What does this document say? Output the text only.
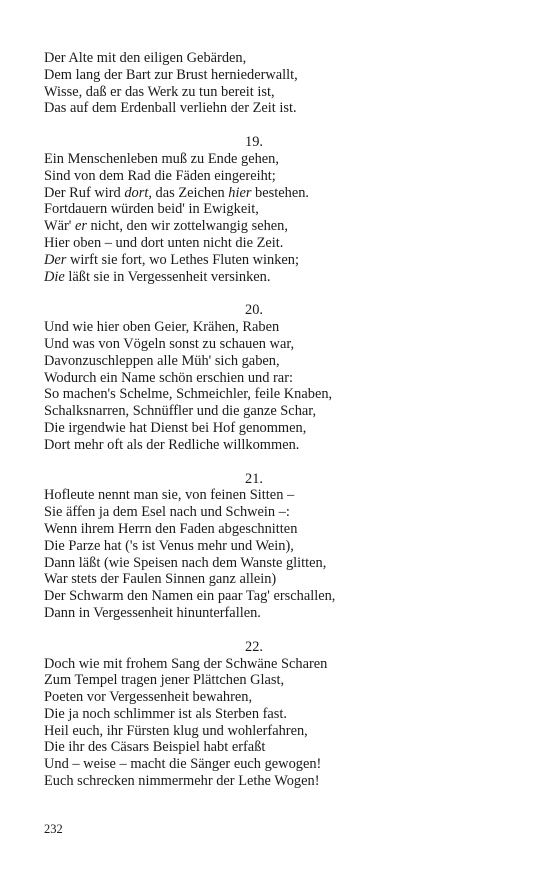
Der Alte mit den eiligen Gebärden,
Dem lang der Bart zur Brust herniederwallt,
Wisse, daß er das Werk zu tun bereit ist,
Das auf dem Erdenball verliehn der Zeit ist.
19.
Ein Menschenleben muß zu Ende gehen,
Sind von dem Rad die Fäden eingereiht;
Der Ruf wird dort, das Zeichen hier bestehen.
Fortdauern würden beid' in Ewigkeit,
Wär' er nicht, den wir zottelwangig sehen,
Hier oben – und dort unten nicht die Zeit.
Der wirft sie fort, wo Lethes Fluten winken;
Die läßt sie in Vergessenheit versinken.
20.
Und wie hier oben Geier, Krähen, Raben
Und was von Vögeln sonst zu schauen war,
Davonzuschleppen alle Müh' sich gaben,
Wodurch ein Name schön erschien und rar:
So machen's Schelme, Schmeichler, feile Knaben,
Schalksnarren, Schnüffler und die ganze Schar,
Die irgendwie hat Dienst bei Hof genommen,
Dort mehr oft als der Redliche willkommen.
21.
Hofleute nennt man sie, von feinen Sitten –
Sie äffen ja dem Esel nach und Schwein –:
Wenn ihrem Herrn den Faden abgeschnitten
Die Parze hat ('s ist Venus mehr und Wein),
Dann läßt (wie Speisen nach dem Wanste glitten,
War stets der Faulen Sinnen ganz allein)
Der Schwarm den Namen ein paar Tag' erschallen,
Dann in Vergessenheit hinunterfallen.
22.
Doch wie mit frohem Sang der Schwäne Scharen
Zum Tempel tragen jener Plättchen Glast,
Poeten vor Vergessenheit bewahren,
Die ja noch schlimmer ist als Sterben fast.
Heil euch, ihr Fürsten klug und wohlerfahren,
Die ihr des Cäsars Beispiel habt erfaßt
Und – weise – macht die Sänger euch gewogen!
Euch schrecken nimmermehr der Lethe Wogen!
232
